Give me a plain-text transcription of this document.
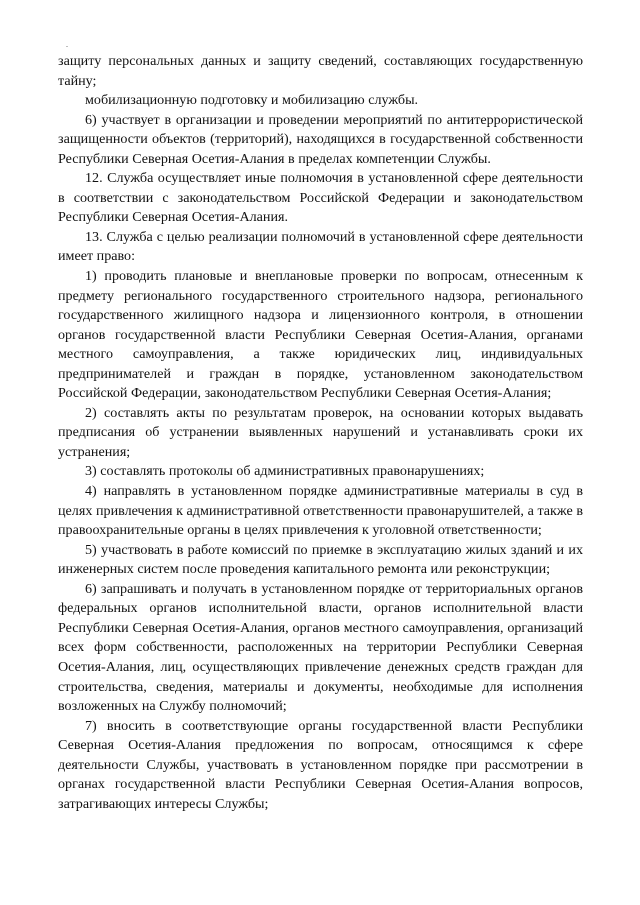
защиту персональных данных и защиту сведений, составляющих государственную тайну;

мобилизационную подготовку и мобилизацию службы.

6) участвует в организации и проведении мероприятий по антитеррористической защищенности объектов (территорий), находящихся в государственной собственности Республики Северная Осетия-Алания в пределах компетенции Службы.

12. Служба осуществляет иные полномочия в установленной сфере деятельности в соответствии с законодательством Российской Федерации и законодательством Республики Северная Осетия-Алания.

13. Служба с целью реализации полномочий в установленной сфере деятельности имеет право:

1) проводить плановые и внеплановые проверки по вопросам, отнесенным к предмету регионального государственного строительного надзора, регионального государственного жилищного надзора и лицензионного контроля, в отношении органов государственной власти Республики Северная Осетия-Алания, органами местного самоуправления, а также юридических лиц, индивидуальных предпринимателей и граждан в порядке, установленном законодательством Российской Федерации, законодательством Республики Северная Осетия-Алания;

2) составлять акты по результатам проверок, на основании которых выдавать предписания об устранении выявленных нарушений и устанавливать сроки их устранения;

3) составлять протоколы об административных правонарушениях;

4) направлять в установленном порядке административные материалы в суд в целях привлечения к административной ответственности правонарушителей, а также в правоохранительные органы в целях привлечения к уголовной ответственности;

5) участвовать в работе комиссий по приемке в эксплуатацию жилых зданий и их инженерных систем после проведения капитального ремонта или реконструкции;

6) запрашивать и получать в установленном порядке от территориальных органов федеральных органов исполнительной власти, органов исполнительной власти Республики Северная Осетия-Алания, органов местного самоуправления, организаций всех форм собственности, расположенных на территории Республики Северная Осетия-Алания, лиц, осуществляющих привлечение денежных средств граждан для строительства, сведения, материалы и документы, необходимые для исполнения возложенных на Службу полномочий;

7) вносить в соответствующие органы государственной власти Республики Северная Осетия-Алания предложения по вопросам, относящимся к сфере деятельности Службы, участвовать в установленном порядке при рассмотрении в органах государственной власти Республики Северная Осетия-Алания вопросов, затрагивающих интересы Службы;
